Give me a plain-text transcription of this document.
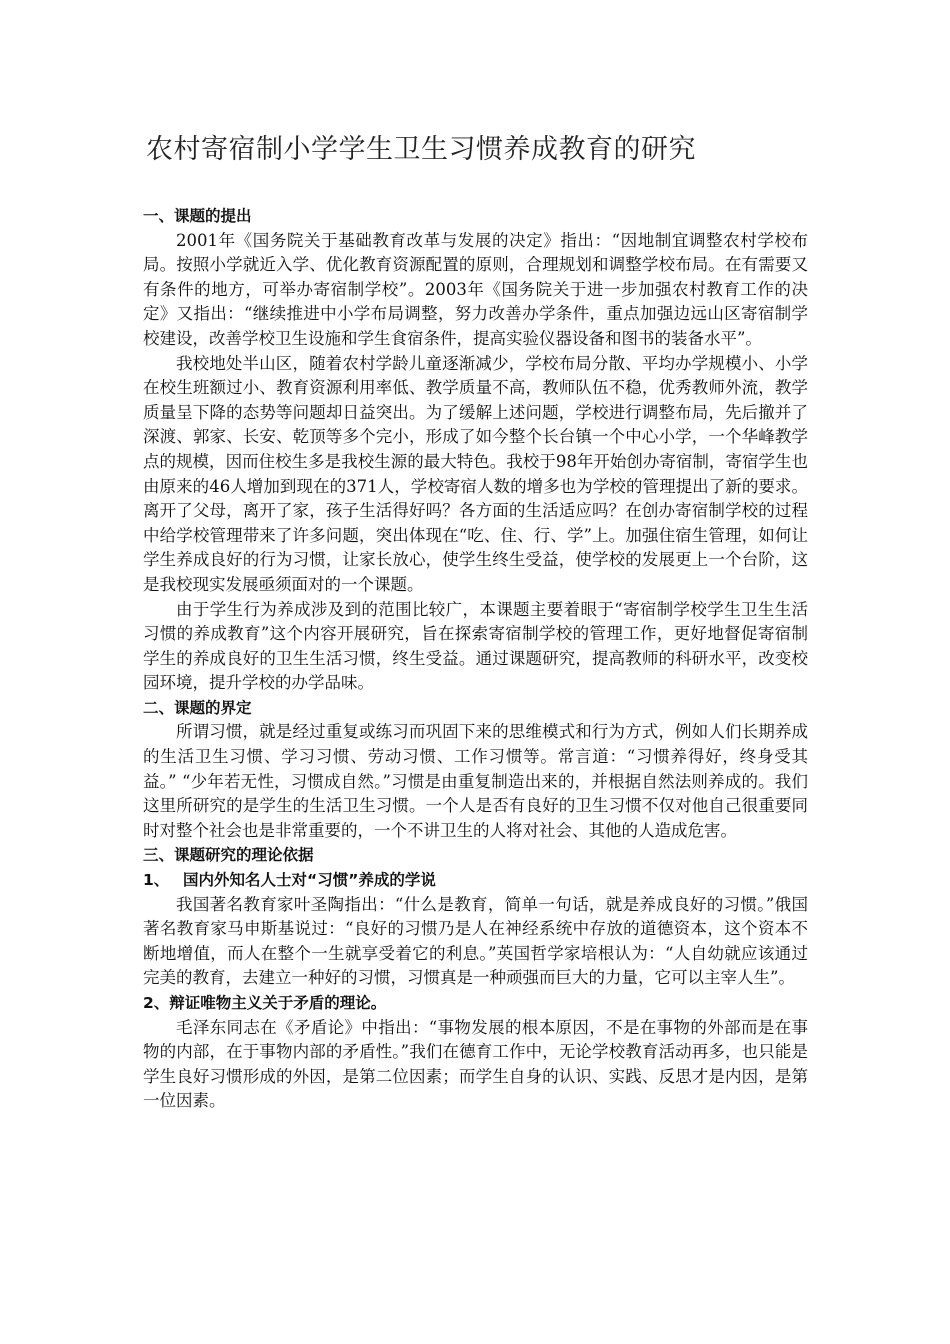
农村寄宿制小学学生卫生习惯养成教育的研究
一、课题的提出

2001年《国务院关于基础教育改革与发展的决定》指出：“因地制宜调整农村学校布局。按照小学就近入学、优化教育资源配置的原则，合理规划和调整学校布局。在有需要又有条件的地方，可举办寄宿制学校”。2003年《国务院关于进一步加强农村教育工作的决定》又指出：“继续推进中小学布局调整，努力改善办学条件，重点加强边远山区寄宿制学校建设，改善学校卫生设施和学生食宿条件，提高实验仪器设备和图书的装备水平”。

我校地处半山区，随着农村学龄儿童逐渐减少，学校布局分散、平均办学规模小、小学在校生班额过小、教育资源利用率低、教学质量不高，教师队伍不稳，优秀教师外流，教学质量呈下降的态势等问题却日益突出。为了缓解上述问题，学校进行调整布局，先后撤并了深渡、郭家、长安、乾顶等多个完小，形成了如今整个长台镇一个中心小学，一个华峰教学点的规模，因而住校生多是我校生源的最大特色。我校于98年开始创办寄宿制，寄宿学生也由原来的46人增加到现在的371人，学校寄宿人数的增多也为学校的管理提出了新的要求。离开了父母，离开了家，孩子生活得好吗？各方面的生活适应吗？在创办寄宿制学校的过程中给学校管理带来了许多问题，突出体现在“吃、住、行、学”上。加强住宿生管理，如何让学生养成良好的行为习惯，让家长放心，使学生终生受益，使学校的发展更上一个台阶，这是我校现实发展亟须面对的一个课题。

由于学生行为养成涉及到的范围比较广，本课题主要着眼于“寄宿制学校学生卫生生活习惯的养成教育”这个内容开展研究，旨在探索寄宿制学校的管理工作，更好地督促寄宿制学生的养成良好的卫生生活习惯，终生受益。通过课题研究，提高教师的科研水平，改变校园环境，提升学校的办学品味。

二、课题的界定

所谓习惯，就是经过重复或练习而巩固下来的思维模式和行为方式，例如人们长期养成的生活卫生习惯、学习习惯、劳动习惯、工作习惯等。常言道：“习惯养得好，终身受其益。” “少年若无性，习惯成自然。”习惯是由重复制造出来的，并根据自然法则养成的。我们这里所研究的是学生的生活卫生习惯。一个人是否有良好的卫生习惯不仅对他自己很重要同时对整个社会也是非常重要的，一个不讲卫生的人将对社会、其他的人造成危害。

三、课题研究的理论依据
1、 国内外知名人士对“习惯”养成的学说

我国著名教育家叶圣陶指出：“什么是教育，简单一句话，就是养成良好的习惯。”俄国著名教育家马申斯基说过：“良好的习惯乃是人在神经系统中存放的道德资本，这个资本不断地增值，而人在整个一生就享受着它的利息。”英国哲学家培根认为：“人自幼就应该通过完美的教育，去建立一种好的习惯，习惯真是一种顽强而巨大的力量，它可以主宰人生”。

2、辩证唯物主义关于矛盾的理论。

毛泽东同志在《矛盾论》中指出：“事物发展的根本原因，不是在事物的外部而是在事物的内部，在于事物内部的矛盾性。”我们在德育工作中，无论学校教育活动再多，也只能是学生良好习惯形成的外因，是第二位因素；而学生自身的认识、实践、反思才是内因，是第一位因素。
